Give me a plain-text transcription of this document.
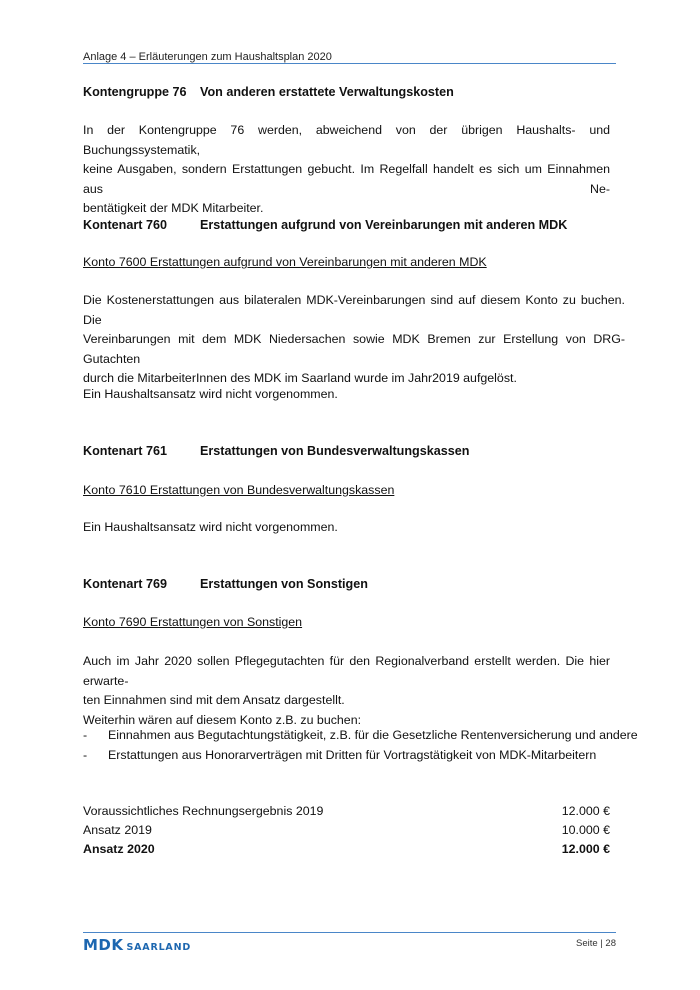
Anlage 4 – Erläuterungen zum Haushaltsplan 2020
Kontengruppe 76 Von anderen erstattete Verwaltungskosten
In der Kontengruppe 76 werden, abweichend von der übrigen Haushalts- und Buchungssystematik,
keine Ausgaben, sondern Erstattungen gebucht. Im Regelfall handelt es sich um Einnahmen aus Ne-
bentätigkeit der MDK Mitarbeiter.
Kontenart 760	Erstattungen aufgrund von Vereinbarungen mit anderen MDK
Konto 7600 Erstattungen aufgrund von Vereinbarungen mit anderen MDK
Die Kostenerstattungen aus bilateralen MDK-Vereinbarungen sind auf diesem Konto zu buchen. Die
Vereinbarungen mit dem MDK Niedersachen sowie MDK Bremen zur Erstellung von DRG-Gutachten
durch die MitarbeiterInnen des MDK im Saarland wurde im Jahr2019 aufgelöst.
Ein Haushaltsansatz wird nicht vorgenommen.
Kontenart 761	Erstattungen von Bundesverwaltungskassen
Konto 7610 Erstattungen von Bundesverwaltungskassen
Ein Haushaltsansatz wird nicht vorgenommen.
Kontenart 769	Erstattungen von Sonstigen
Konto 7690 Erstattungen von Sonstigen
Auch im Jahr 2020 sollen Pflegegutachten für den Regionalverband erstellt werden. Die hier erwarte-
ten Einnahmen sind mit dem Ansatz dargestellt.
Weiterhin wären auf diesem Konto z.B. zu buchen:
- Einnahmen aus Begutachtungstätigkeit, z.B. für die Gesetzliche Rentenversicherung und andere
- Erstattungen aus Honorarverträgen mit Dritten für Vortragstätigkeit von MDK-Mitarbeitern
Voraussichtliches Rechnungsergebnis 2019	12.000 €
Ansatz 2019	10.000 €
Ansatz 2020	12.000 €
MDK SAARLAND	Seite | 28
